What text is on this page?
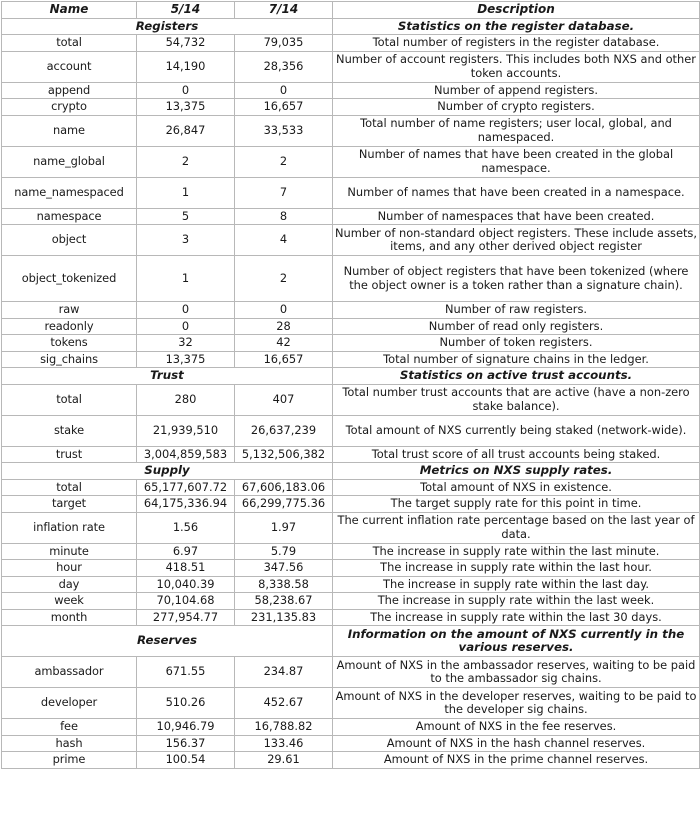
Name	5/14	7/14	Description
Registers			Statistics on the register database.
total	54,732	79,035	Total number of registers in the register database.
account	14,190	28,356	Number of account registers. This includes both NXS and other token accounts.
append	0	0	Number of append registers.
crypto	13,375	16,657	Number of crypto registers.
name	26,847	33,533	Total number of name registers; user local, global, and namespaced.
name_global	2	2	Number of names that have been created in the global namespace.
name_namespaced	1	7	Number of names that have been created in a namespace.
namespace	5	8	Number of namespaces that have been created.
object	3	4	Number of non-standard object registers. These include assets, items, and any other derived object register
object_tokenized	1	2	Number of object registers that have been tokenized (where the object owner is a token rather than a signature chain).
raw	0	0	Number of raw registers.
readonly	0	28	Number of read only registers.
tokens	32	42	Number of token registers.
sig_chains	13,375	16,657	Total number of signature chains in the ledger.
Trust			Statistics on active trust accounts.
total	280	407	Total number trust accounts that are active (have a non-zero stake balance).
stake	21,939,510	26,637,239	Total amount of NXS currently being staked (network-wide).
trust	3,004,859,583	5,132,506,382	Total trust score of all trust accounts being staked.
Supply			Metrics on NXS supply rates.
total	65,177,607.72	67,606,183.06	Total amount of NXS in existence.
target	64,175,336.94	66,299,775.36	The target supply rate for this point in time.
inflation rate	1.56	1.97	The current inflation rate percentage based on the last year of data.
minute	6.97	5.79	The increase in supply rate within the last minute.
hour	418.51	347.56	The increase in supply rate within the last hour.
day	10,040.39	8,338.58	The increase in supply rate within the last day.
week	70,104.68	58,238.67	The increase in supply rate within the last week.
month	277,954.77	231,135.83	The increase in supply rate within the last 30 days.
Reserves			Information on the amount of NXS currently in the various reserves.
ambassador	671.55	234.87	Amount of NXS in the ambassador reserves, waiting to be paid to the ambassador sig chains.
developer	510.26	452.67	Amount of NXS in the developer reserves, waiting to be paid to the developer sig chains.
fee	10,946.79	16,788.82	Amount of NXS in the fee reserves.
hash	156.37	133.46	Amount of NXS in the hash channel reserves.
prime	100.54	29.61	Amount of NXS in the prime channel reserves.
